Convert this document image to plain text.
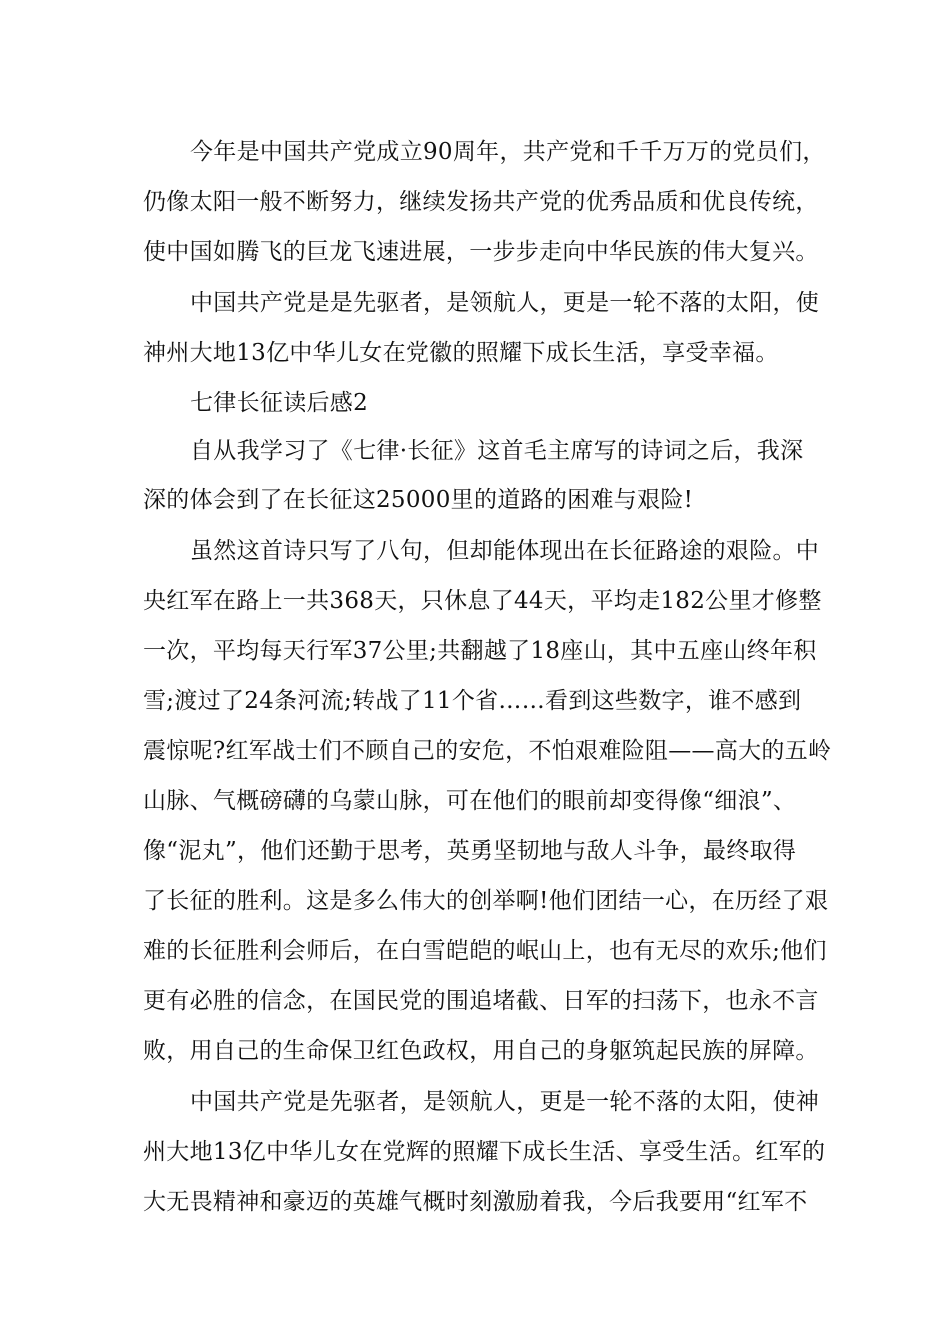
今年是中国共产党成立90周年，共产党和千千万万的党员们，
仍像太阳一般不断努力，继续发扬共产党的优秀品质和优良传统，
使中国如腾飞的巨龙飞速进展，一步步走向中华民族的伟大复兴。
中国共产党是是先驱者，是领航人，更是一轮不落的太阳，使
神州大地13亿中华儿女在党徽的照耀下成长生活，享受幸福。
七律长征读后感2
自从我学习了《七律·长征》这首毛主席写的诗词之后，我深
深的体会到了在长征这25000里的道路的困难与艰险!
虽然这首诗只写了八句，但却能体现出在长征路途的艰险。中
央红军在路上一共368天，只休息了44天，平均走182公里才修整
一次，平均每天行军37公里;共翻越了18座山，其中五座山终年积
雪;渡过了24条河流;转战了11个省……看到这些数字，谁不感到
震惊呢?红军战士们不顾自己的安危，不怕艰难险阻——高大的五岭
山脉、气概磅礴的乌蒙山脉，可在他们的眼前却变得像“细浪”、
像“泥丸”，他们还勤于思考，英勇坚韧地与敌人斗争，最终取得
了长征的胜利。这是多么伟大的创举啊!他们团结一心，在历经了艰
难的长征胜利会师后，在白雪皑皑的岷山上，也有无尽的欢乐;他们
更有必胜的信念，在国民党的围追堵截、日军的扫荡下，也永不言
败，用自己的生命保卫红色政权，用自己的身躯筑起民族的屏障。
中国共产党是先驱者，是领航人，更是一轮不落的太阳，使神
州大地13亿中华儿女在党辉的照耀下成长生活、享受生活。红军的
大无畏精神和豪迈的英雄气概时刻激励着我，今后我要用“红军不
